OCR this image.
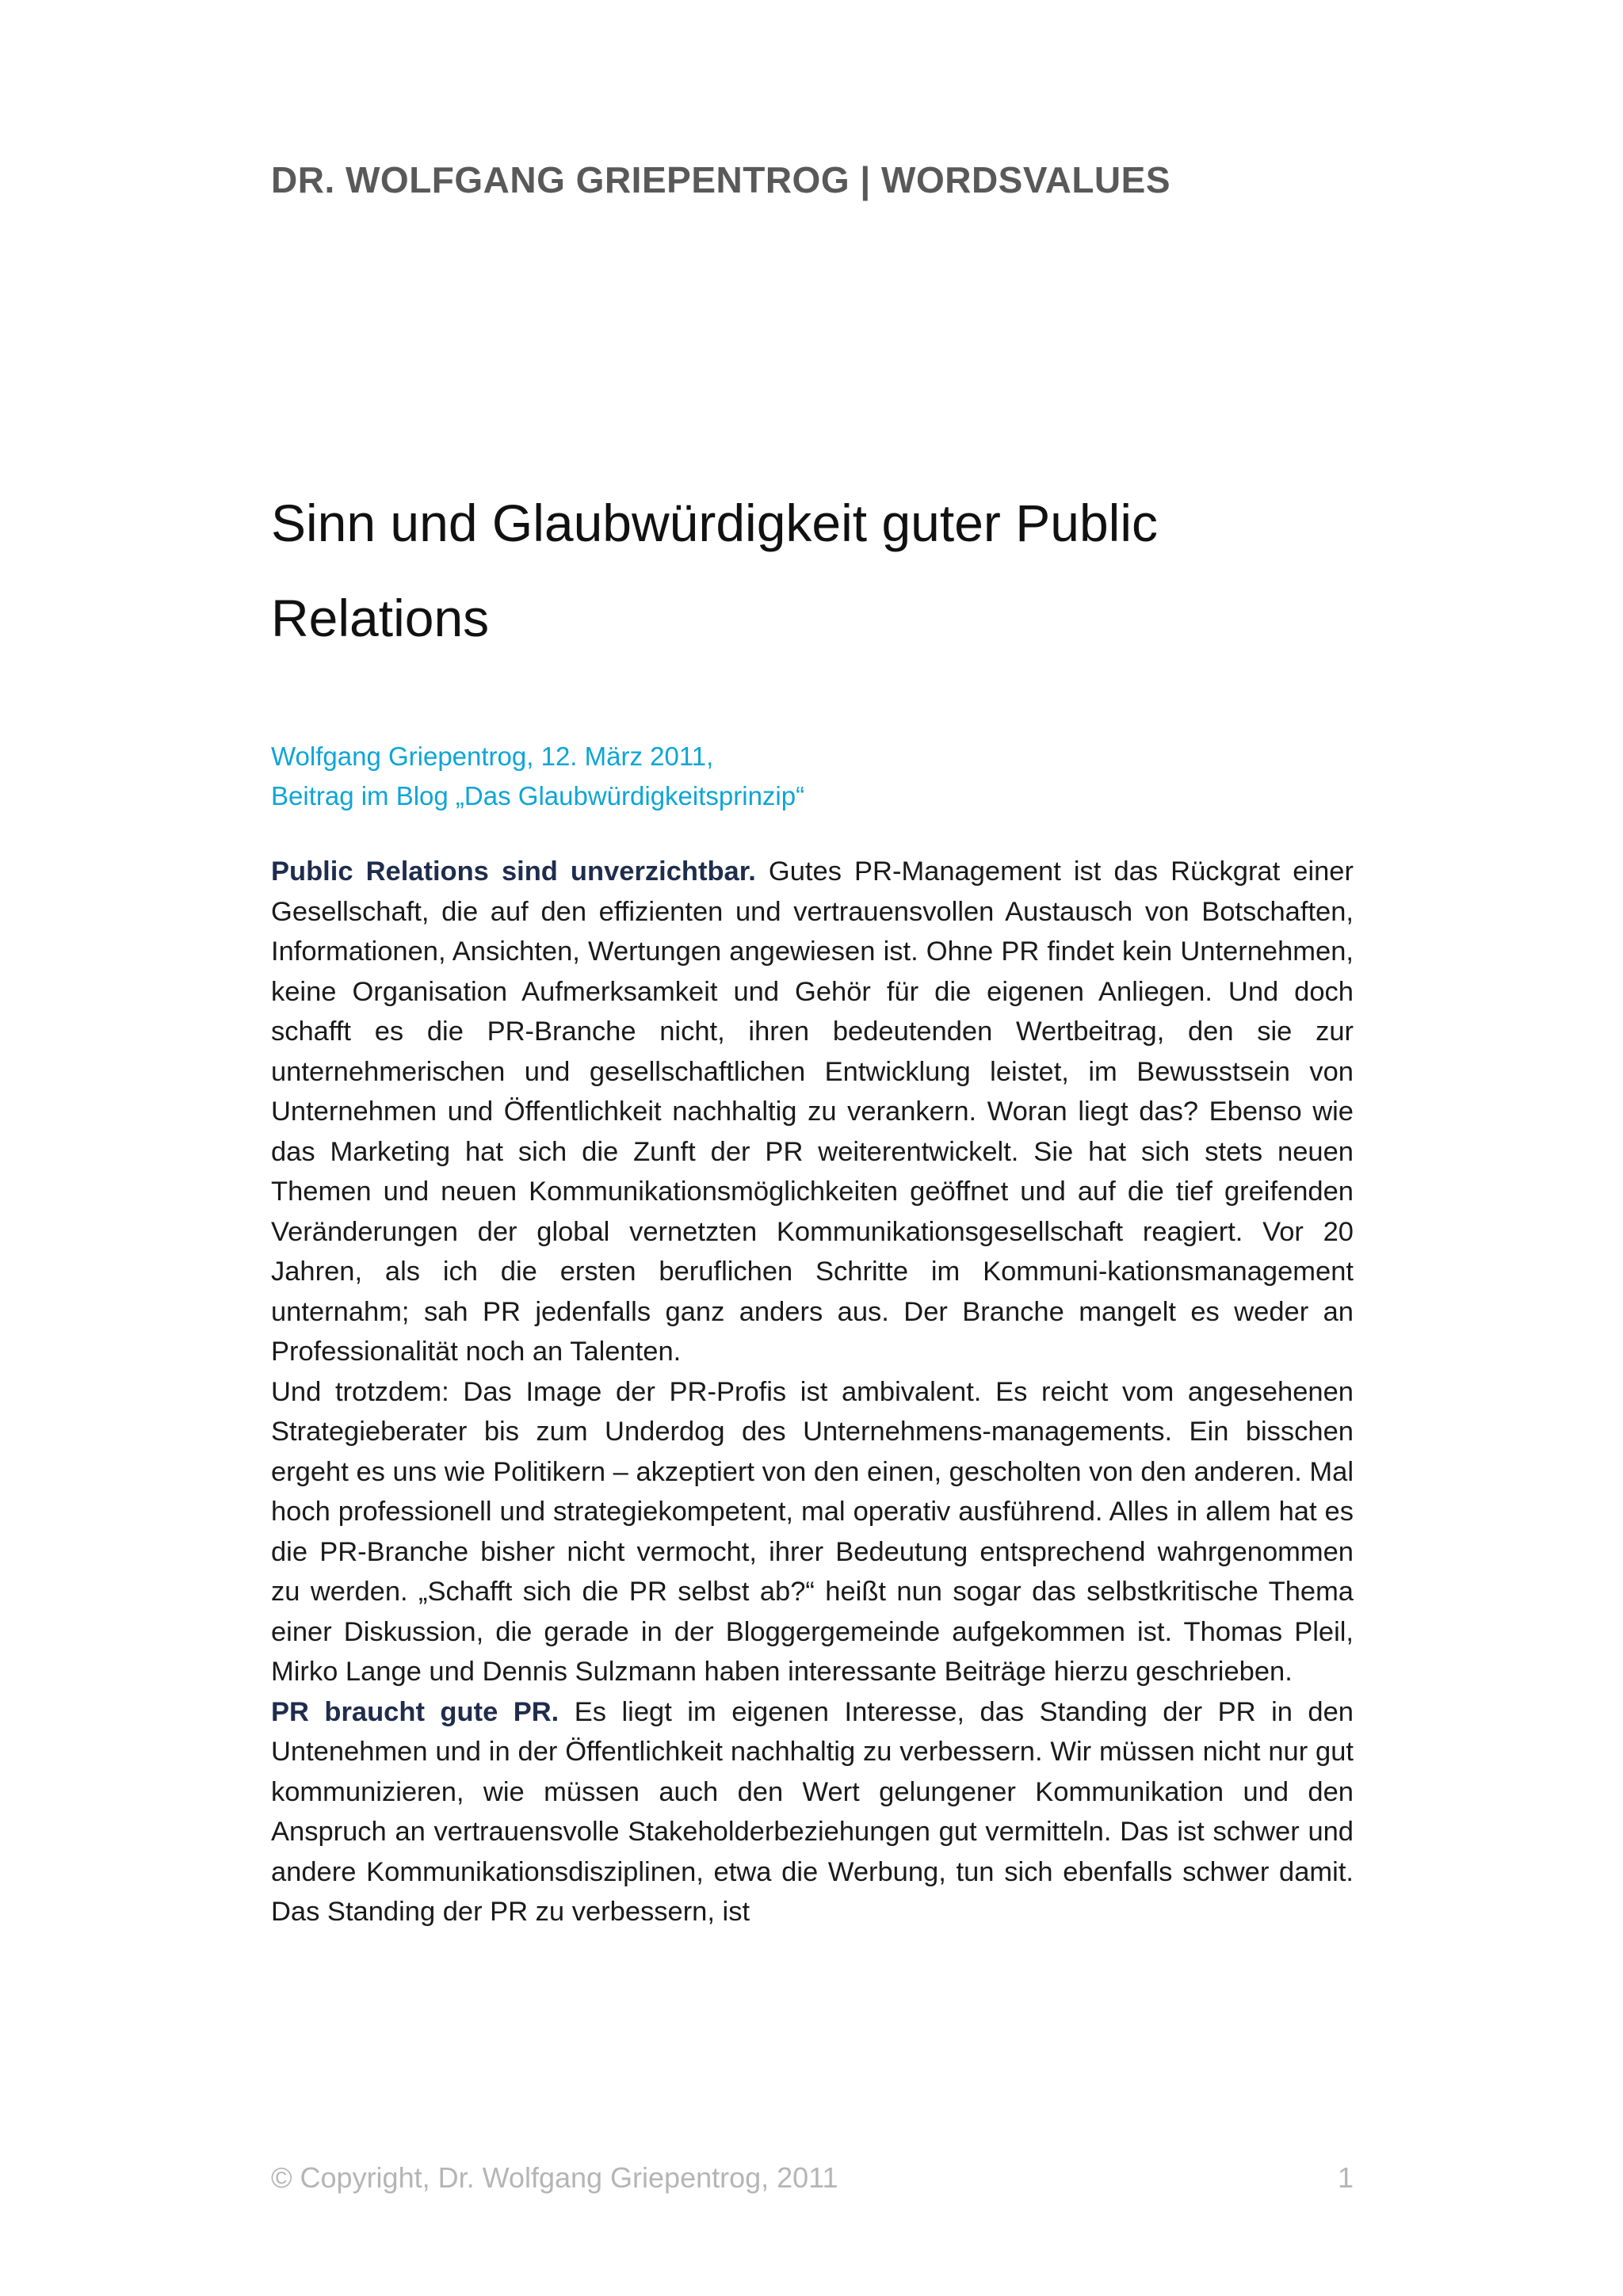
DR. WOLFGANG GRIEPENTROG | WORDSVALUES
Sinn und Glaubwürdigkeit guter Public
Relations
Wolfgang Griepentrog, 12. März 2011,
Beitrag im Blog „Das Glaubwürdigkeitsprinzip“

Public Relations sind unverzichtbar. Gutes PR-Management ist das Rückgrat einer Gesellschaft, die auf den effizienten und vertrauensvollen Austausch von Botschaften, Informationen, Ansichten, Wertungen angewiesen ist. Ohne PR findet kein Unternehmen, keine Organisation Aufmerksamkeit und Gehör für die eigenen Anliegen. Und doch schafft es die PR-Branche nicht, ihren bedeutenden Wertbeitrag, den sie zur unternehmerischen und gesellschaftlichen Entwicklung leistet, im Bewusstsein von Unternehmen und Öffentlichkeit nachhaltig zu verankern. Woran liegt das? Ebenso wie das Marketing hat sich die Zunft der PR weiterentwickelt. Sie hat sich stets neuen Themen und neuen Kommunikationsmöglichkeiten geöffnet und auf die tief greifenden Veränderungen der global vernetzten Kommunikationsgesellschaft reagiert. Vor 20 Jahren, als ich die ersten beruflichen Schritte im Kommuni-kationsmanagement unternahm; sah PR jedenfalls ganz anders aus. Der Branche mangelt es weder an Professionalität noch an Talenten.

Und trotzdem: Das Image der PR-Profis ist ambivalent. Es reicht vom angesehenen Strategieberater bis zum Underdog des Unternehmens-managements. Ein bisschen ergeht es uns wie Politikern – akzeptiert von den einen, gescholten von den anderen. Mal hoch professionell und strategiekompetent, mal operativ ausführend. Alles in allem hat es die PR-Branche bisher nicht vermocht, ihrer Bedeutung entsprechend wahrgenommen zu werden. „Schafft sich die PR selbst ab?“ heißt nun sogar das selbstkritische Thema einer Diskussion, die gerade in der Bloggergemeinde aufgekommen ist. Thomas Pleil, Mirko Lange und Dennis Sulzmann haben interessante Beiträge hierzu geschrieben.

PR braucht gute PR. Es liegt im eigenen Interesse, das Standing der PR in den Untenehmen und in der Öffentlichkeit nachhaltig zu verbessern. Wir müssen nicht nur gut kommunizieren, wie müssen auch den Wert gelungener Kommunikation und den Anspruch an vertrauensvolle Stakeholderbeziehungen gut vermitteln. Das ist schwer und andere Kommunikationsdisziplinen, etwa die Werbung, tun sich ebenfalls schwer damit. Das Standing der PR zu verbessern, ist

© Copyright, Dr. Wolfgang Griepentrog, 2011	1
